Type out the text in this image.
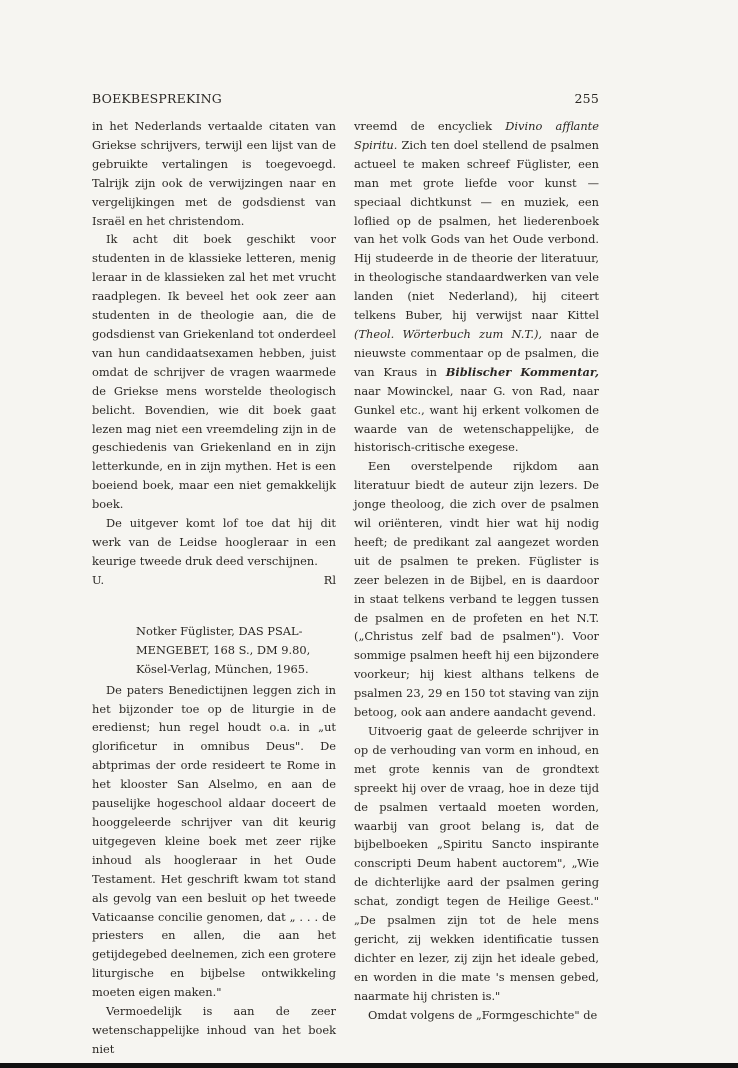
BOEKBESPREKING	255

in het Nederlands vertaalde citaten van Griekse schrijvers, terwijl een lijst van de gebruikte vertalingen is toegevoegd. Talrijk zijn ook de verwijzingen naar en vergelijkingen met de godsdienst van Israël en het christendom.

Ik acht dit boek geschikt voor studenten in de klassieke letteren, menig leraar in de klassieken zal het met vrucht raadplegen. Ik beveel het ook zeer aan studenten in de theologie aan, die de godsdienst van Griekenland tot onderdeel van hun candidaatsexamen hebben, juist omdat de schrijver de vragen waarmede de Griekse mens worstelde theologisch belicht. Bovendien, wie dit boek gaat lezen mag niet een vreemdeling zijn in de geschiedenis van Griekenland en in zijn letterkunde, en in zijn mythen. Het is een boeiend boek, maar een niet gemakkelijk boek.

De uitgever komt lof toe dat hij dit werk van de Leidse hoogleraar in een keurige tweede druk deed verschijnen.

U.	Rl
Notker Füglister, DAS PSAL-
MENGEBET, 168 S., DM 9.80,
Kösel-Verlag, München, 1965.

De paters Benedictijnen leggen zich in het bijzonder toe op de liturgie in de eredienst; hun regel houdt o.a. in „ut glorificetur in omnibus Deus". De abtprimas der orde resideert te Rome in het klooster San Alselmo, en aan de pauselijke hogeschool aldaar doceert de hooggeleerde schrijver van dit keurig uitgegeven kleine boek met zeer rijke inhoud als hoogleraar in het Oude Testament. Het geschrift kwam tot stand als gevolg van een besluit op het tweede Vaticaanse concilie genomen, dat „ . . . de priesters en allen, die aan het getijdegebed deelnemen, zich een grotere liturgische en bijbelse ontwikkeling moeten eigen maken."

Vermoedelijk is aan de zeer wetenschappelijke inhoud van het boek niet

vreemd de encycliek Divino afflante Spiritu. Zich ten doel stellend de psalmen actueel te maken schreef Füglister, een man met grote liefde voor kunst — speciaal dichtkunst — en muziek, een loflied op de psalmen, het liederenboek van het volk Gods van het Oude verbond. Hij studeerde in de theorie der literatuur, in theologische standaardwerken van vele landen (niet Nederland), hij citeert telkens Buber, hij verwijst naar Kittel (Theol. Wörterbuch zum N.T.), naar de nieuwste commentaar op de psalmen, die van Kraus in Biblischer Kommentar, naar Mowinckel, naar G. von Rad, naar Gunkel etc., want hij erkent volkomen de waarde van de wetenschappelijke, de historisch-critische exegese.

Een overstelpende rijkdom aan literatuur biedt de auteur zijn lezers. De jonge theoloog, die zich over de psalmen wil oriënteren, vindt hier wat hij nodig heeft; de predikant zal aangezet worden uit de psalmen te preken. Füglister is zeer belezen in de Bijbel, en is daardoor in staat telkens verband te leggen tussen de psalmen en de profeten en het N.T. („Christus zelf bad de psalmen"). Voor sommige psalmen heeft hij een bijzondere voorkeur; hij kiest althans telkens de psalmen 23, 29 en 150 tot staving van zijn betoog, ook aan andere aandacht gevend.

Uitvoerig gaat de geleerde schrijver in op de verhouding van vorm en inhoud, en met grote kennis van de grondtext spreekt hij over de vraag, hoe in deze tijd de psalmen vertaald moeten worden, waarbij van groot belang is, dat de bijbelboeken „Spiritu Sancto inspirante conscripti Deum habent auctorem", „Wie de dichterlijke aard der psalmen gering schat, zondigt tegen de Heilige Geest." „De psalmen zijn tot de hele mens gericht, zij wekken identificatie tussen dichter en lezer, zij zijn het ideale gebed, en worden in die mate 's mensen gebed, naarmate hij christen is."

Omdat volgens de „Formgeschichte" de
